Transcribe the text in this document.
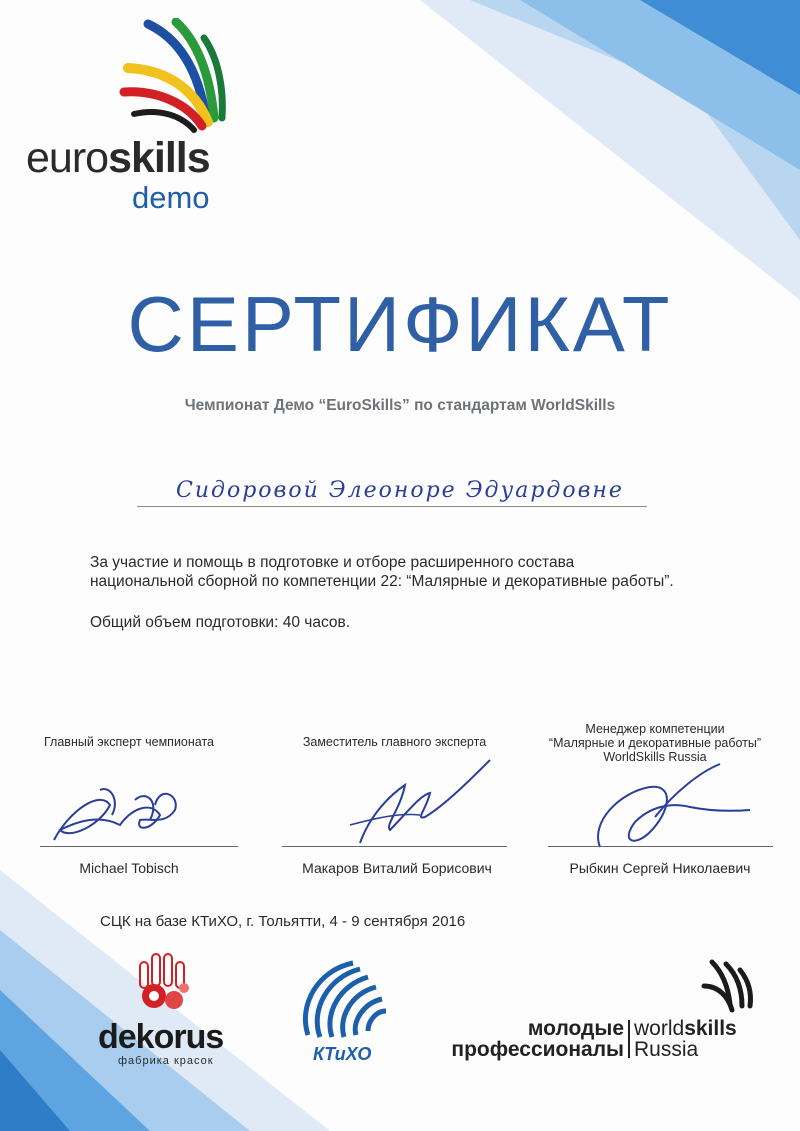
euroskills
demo
СЕРТИФИКАТ
Чемпионат Демо “EuroSkills” по стандартам WorldSkills
Сидоровой Элеоноре Эдуардовне
За участие и помощь в подготовке и отборе расширенного состава
национальной сборной по компетенции 22: “Малярные и декоративные работы”.
Общий объем подготовки: 40 часов.
Главный эксперт чемпионата
Michael Tobisch
Заместитель главного эксперта
Макаров Виталий Борисович
Менеджер компетенции
“Малярные и декоративные работы”
WorldSkills Russia
Рыбкин Сергей Николаевич
СЦК на базе КТиХО, г. Тольятти, 4 - 9 сентября 2016
dekorus
фабрика красок	КТиХО
молодые
профессионалы
worldskills
Russia
